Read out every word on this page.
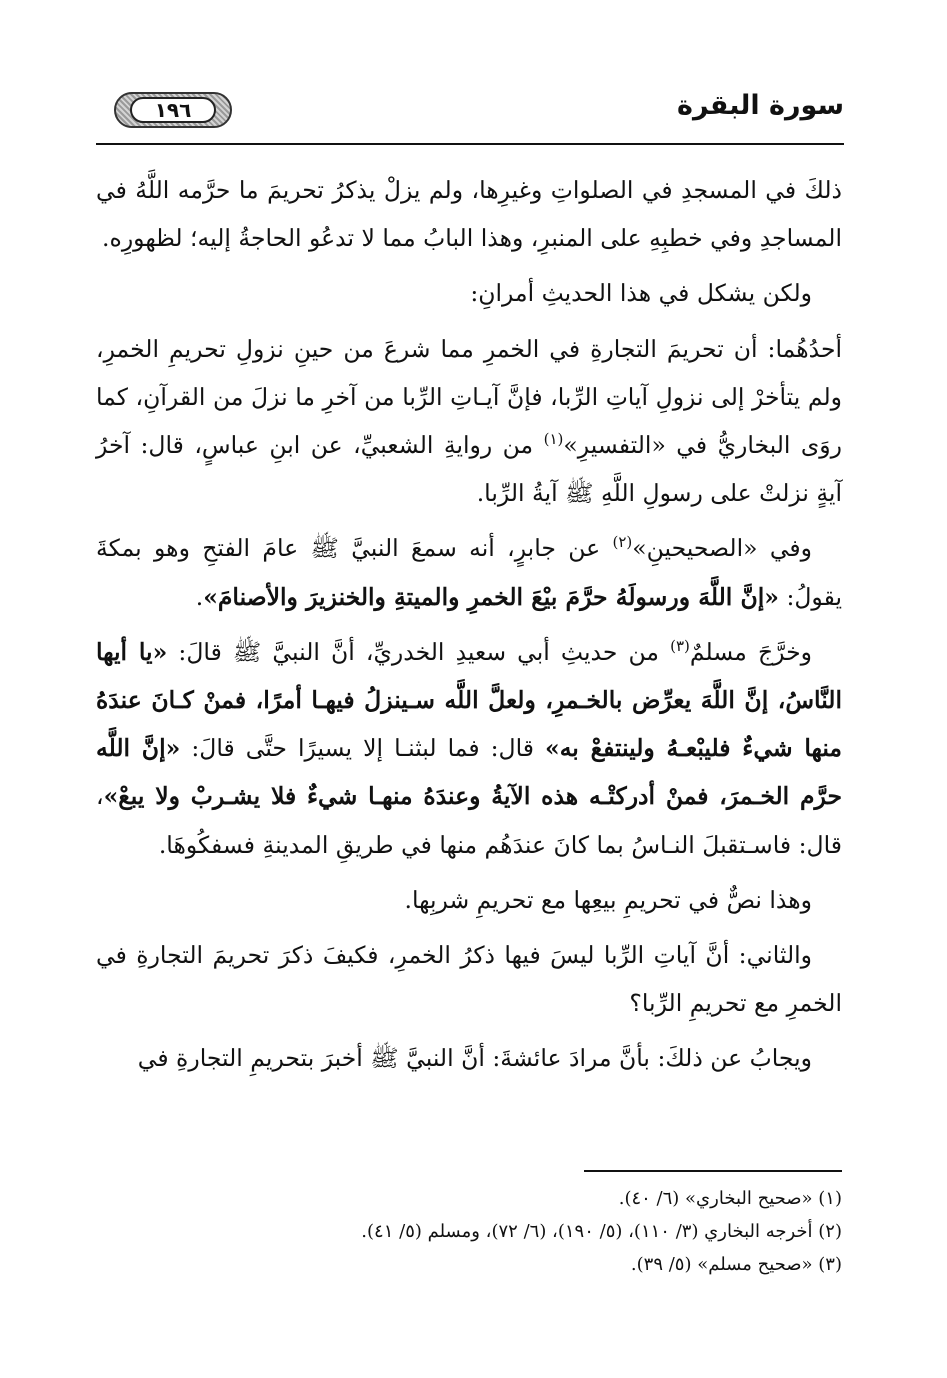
١٩٦	سورة البقرة

ذلكَ في المسجدِ في الصلواتِ وغيرِها، ولم يزلْ يذكرُ تحريمَ ما حرَّمه اللَّهُ في المساجدِ وفي خطبِهِ على المنبرِ، وهذا البابُ مما لا تدعُو الحاجةُ إليه؛ لظهورِه.

ولكن يشكل في هذا الحديثِ أمرانِ:

أحدُهُما: أن تحريمَ التجارةِ في الخمرِ مما شرعَ من حينِ نزولِ تحريمِ الخمرِ، ولم يتأخرْ إلى نزولِ آياتِ الرِّبا، فإنَّ آيـاتِ الرِّبا من آخرِ ما نزلَ من القرآنِ، كما روَى البخاريُّ في «التفسيرِ»$^{(١)}$ من روايةِ الشعبيِّ، عن ابنِ عباسٍ، قال: آخرُ آيةٍ نزلتْ على رسولِ اللَّهِ ﷺ آيةُ الرِّبا.

وفي «الصحيحينِ»$^{(٢)}$ عن جابرٍ، أنه سمعَ النبيَّ ﷺ عامَ الفتحِ وهو بمكةَ يقولُ: «إنَّ اللَّهَ ورسولَهُ حرَّمَ بيْعَ الخمرِ والميتةِ والخنزيرَ والأصنامَ».

وخرَّجَ مسلمٌ$^{(٣)}$ من حديثِ أبي سعيدِ الخدريِّ، أنَّ النبيَّ ﷺ قالَ: «يا أيها النَّاسُ، إنَّ اللَّهَ يعرِّض بالخـمرِ، ولعلَّ اللَّه سـينزلُ فيهـا أمرًا، فمنْ كـانَ عندَهُ منها شيءٌ فليبْعـهُ ولينتفعْ به» قال: فما لبثنـا إلا يسيرًا حتَّى قالَ: «إنَّ اللَّه حرَّم الخـمرَ، فمنْ أدركتْـه هذه الآيةُ وعندَهُ منهـا شيءٌ فلا يشـربْ ولا يبعْ»، قال: فاسـتقبلَ النـاسُ بما كانَ عندَهُم منها في طريقِ المدينةِ فسفكُوهَا.

وهذا نصٌّ في تحريمِ بيعِها مع تحريمِ شربِها.

والثاني: أنَّ آياتِ الرِّبا ليسَ فيها ذكرُ الخمرِ، فكيفَ ذكرَ تحريمَ التجارةِ في الخمرِ مع تحريمِ الرِّبا؟

ويجابُ عن ذلكَ: بأنَّ مرادَ عائشةَ: أنَّ النبيَّ ﷺ أخبرَ بتحريمِ التجارةِ في

(١) «صحيح البخاري» (٦/ ٤٠).
(٢) أخرجه البخاري (٣/ ١١٠)، (٥/ ١٩٠)، (٦/ ٧٢)، ومسلم (٥/ ٤١).
(٣) «صحيح مسلم» (٥/ ٣٩).
